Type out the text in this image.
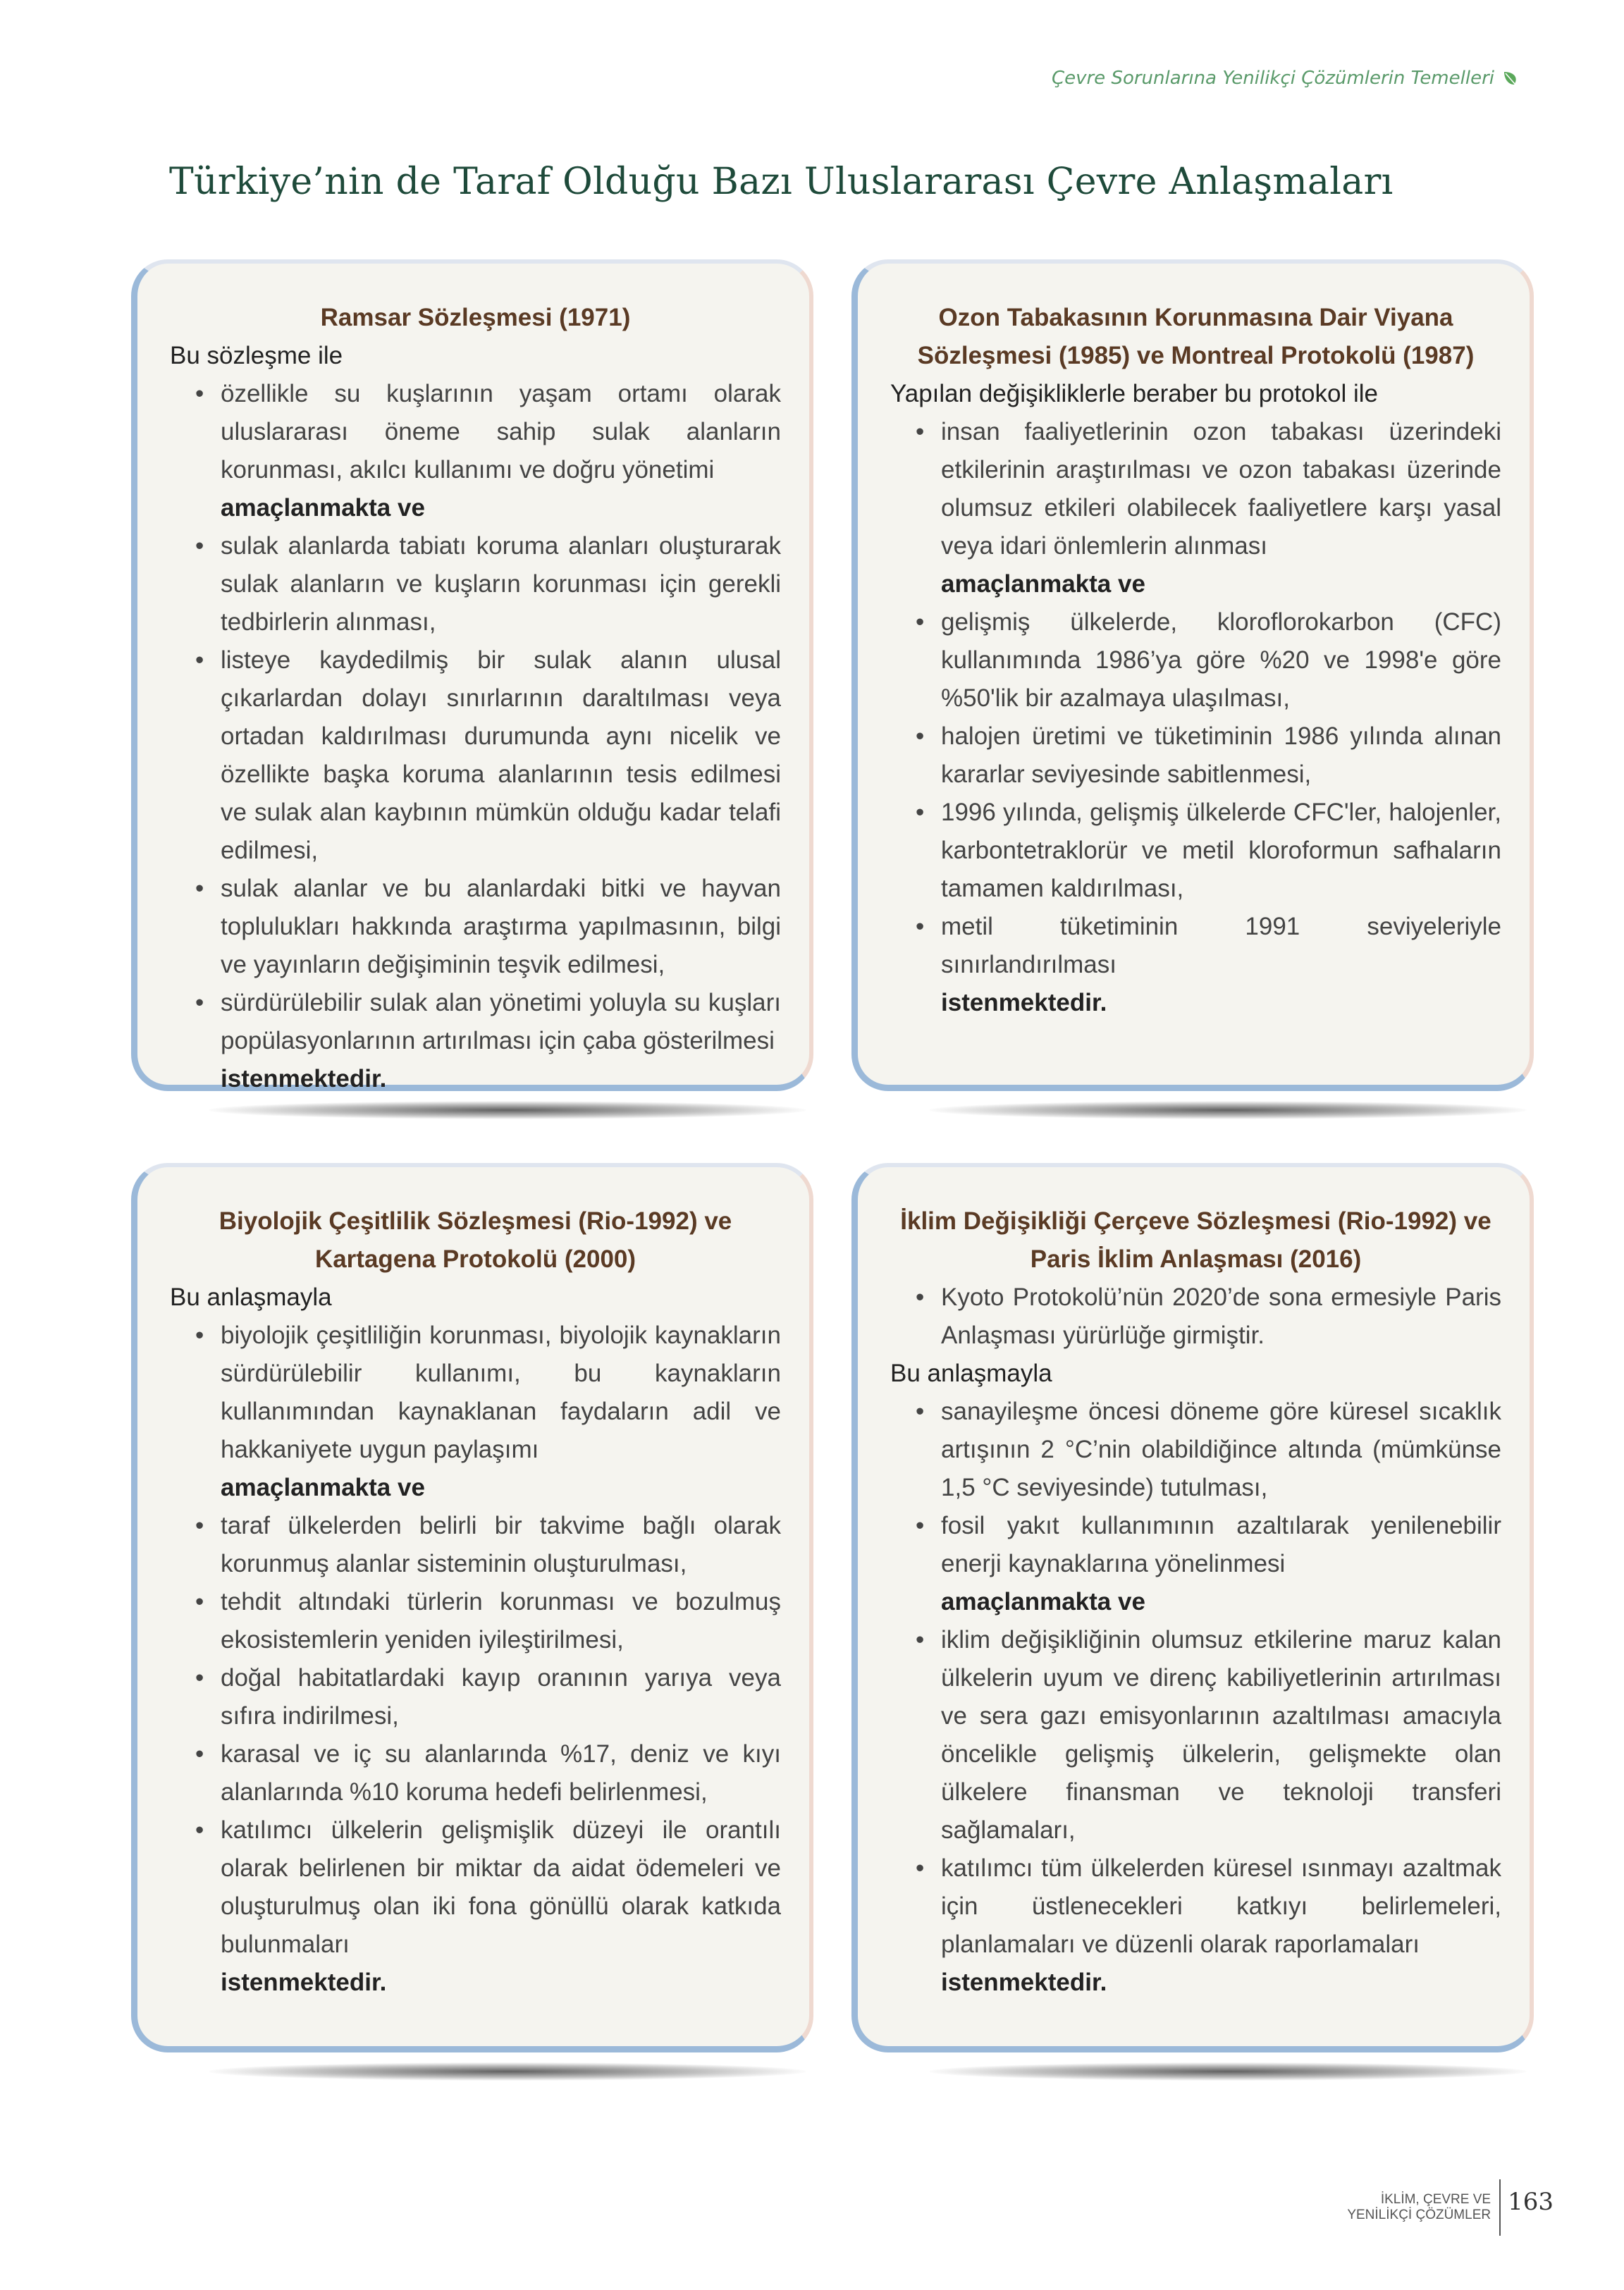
Çevre Sorunlarına Yenilikçi Çözümlerin Temelleri
Türkiye’nin de Taraf Olduğu Bazı Uluslararası Çevre Anlaşmaları
Ramsar Sözleşmesi (1971)
Bu sözleşme ile
• özellikle su kuşlarının yaşam ortamı olarak uluslararası öneme sahip sulak alanların korunması, akılcı kullanımı ve doğru yönetimi
amaçlanmakta ve
• sulak alanlarda tabiatı koruma alanları oluşturarak sulak alanların ve kuşların korunması için gerekli tedbirlerin alınması,
• listeye kaydedilmiş bir sulak alanın ulusal çıkarlardan dolayı sınırlarının daraltılması veya ortadan kaldırılması durumunda aynı nicelik ve özellikte başka koruma alanlarının tesis edilmesi ve sulak alan kaybının mümkün olduğu kadar telafi edilmesi,
• sulak alanlar ve bu alanlardaki bitki ve hayvan toplulukları hakkında araştırma yapılmasının, bilgi ve yayınların değişiminin teşvik edilmesi,
• sürdürülebilir sulak alan yönetimi yoluyla su kuşları popülasyonlarının artırılması için çaba gösterilmesi
istenmektedir.
Ozon Tabakasının Korunmasına Dair Viyana Sözleşmesi (1985) ve Montreal Protokolü (1987)
Yapılan değişikliklerle beraber bu protokol ile
• insan faaliyetlerinin ozon tabakası üzerindeki etkilerinin araştırılması ve ozon tabakası üzerinde olumsuz etkileri olabilecek faaliyetlere karşı yasal veya idari önlemlerin alınması
amaçlanmakta ve
• gelişmiş ülkelerde, kloroflorokarbon (CFC) kullanımında 1986’ya göre %20 ve 1998'e göre %50'lik bir azalmaya ulaşılması,
• halojen üretimi ve tüketiminin 1986 yılında alınan kararlar seviyesinde sabitlenmesi,
• 1996 yılında, gelişmiş ülkelerde CFC'ler, halojenler, karbontetraklorür ve metil kloroformun safhaların tamamen kaldırılması,
• metil tüketiminin 1991 seviyeleriyle sınırlandırılması
istenmektedir.
Biyolojik Çeşitlilik Sözleşmesi (Rio-1992) ve Kartagena Protokolü (2000)
Bu anlaşmayla
• biyolojik çeşitliliğin korunması, biyolojik kaynakların sürdürülebilir kullanımı, bu kaynakların kullanımından kaynaklanan faydaların adil ve hakkaniyete uygun paylaşımı
amaçlanmakta ve
• taraf ülkelerden belirli bir takvime bağlı olarak korunmuş alanlar sisteminin oluşturulması,
• tehdit altındaki türlerin korunması ve bozulmuş ekosistemlerin yeniden iyileştirilmesi,
• doğal habitatlardaki kayıp oranının yarıya veya sıfıra indirilmesi,
• karasal ve iç su alanlarında %17, deniz ve kıyı alanlarında %10 koruma hedefi belirlenmesi,
• katılımcı ülkelerin gelişmişlik düzeyi ile orantılı olarak belirlenen bir miktar da aidat ödemeleri ve oluşturulmuş olan iki fona gönüllü olarak katkıda bulunmaları
istenmektedir.
İklim Değişikliği Çerçeve Sözleşmesi (Rio-1992) ve Paris İklim Anlaşması (2016)
• Kyoto Protokolü’nün 2020’de sona ermesiyle Paris Anlaşması yürürlüğe girmiştir.
Bu anlaşmayla
• sanayileşme öncesi döneme göre küresel sıcaklık artışının 2 °C’nin olabildiğince altında (mümkünse 1,5 °C seviyesinde) tutulması,
• fosil yakıt kullanımının azaltılarak yenilenebilir enerji kaynaklarına yönelinmesi
amaçlanmakta ve
• iklim değişikliğinin olumsuz etkilerine maruz kalan ülkelerin uyum ve direnç kabiliyetlerinin artırılması ve sera gazı emisyonlarının azaltılması amacıyla öncelikle gelişmiş ülkelerin, gelişmekte olan ülkelere finansman ve teknoloji transferi sağlamaları,
• katılımcı tüm ülkelerden küresel ısınmayı azaltmak için üstlenecekleri katkıyı belirlemeleri, planlamaları ve düzenli olarak raporlamaları
istenmektedir.
İKLİM, ÇEVRE VE
YENİLİKÇİ ÇÖZÜMLER 163
